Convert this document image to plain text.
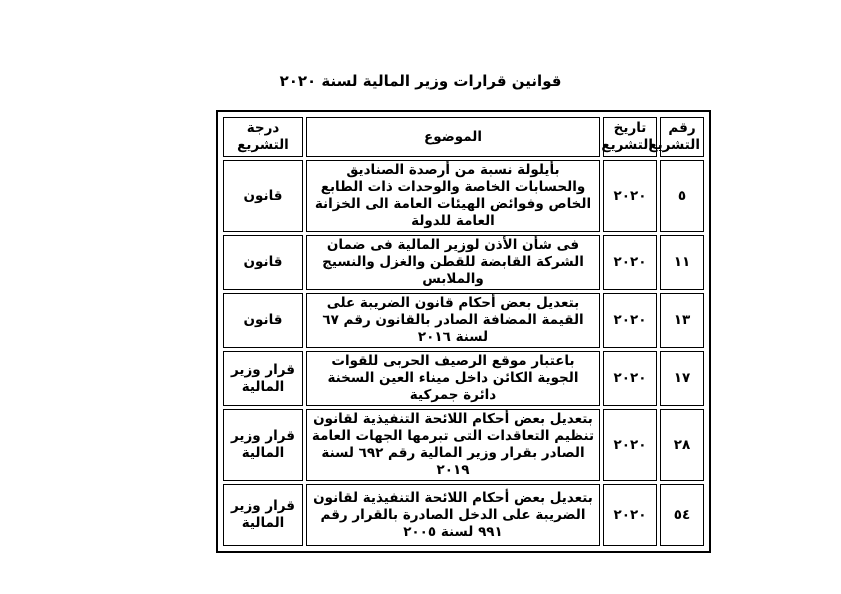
قوانين قرارات وزير المالية لسنة ٢٠٢٠
رقم التشريع	تاريخ التشريع	الموضوع	درجة التشريع
٥	٢٠٢٠	بأيلولة نسبة من أرصدة الصناديق والحسابات الخاصة والوحدات ذات الطابع الخاص وفوائض الهيئات العامة الى الخزانة العامة للدولة	قانون
١١	٢٠٢٠	فى شأن الأذن لوزير المالية فى ضمان الشركة القابضة للقطن والغزل والنسيج والملابس	قانون
١٣	٢٠٢٠	بتعديل بعض أحكام قانون الضريبة على القيمة المضافة الصادر بالقانون رقم ٦٧ لسنة ٢٠١٦	قانون
١٧	٢٠٢٠	باعتبار موقع الرصيف الحربى للقوات الجوية الكائن داخل ميناء العين السخنة دائرة جمركية	قرار وزير المالية
٢٨	٢٠٢٠	بتعديل بعض أحكام اللائحة التنفيذية لقانون تنظيم التعاقدات التى تبرمها الجهات العامة الصادر بقرار وزير المالية رقم ٦٩٢ لسنة ٢٠١٩	قرار وزير المالية
٥٤	٢٠٢٠	بتعديل بعض أحكام اللائحة التنفيذية لقانون الضريبة على الدخل الصادرة بالقرار رقم ٩٩١ لسنة ٢٠٠٥	قرار وزير المالية
